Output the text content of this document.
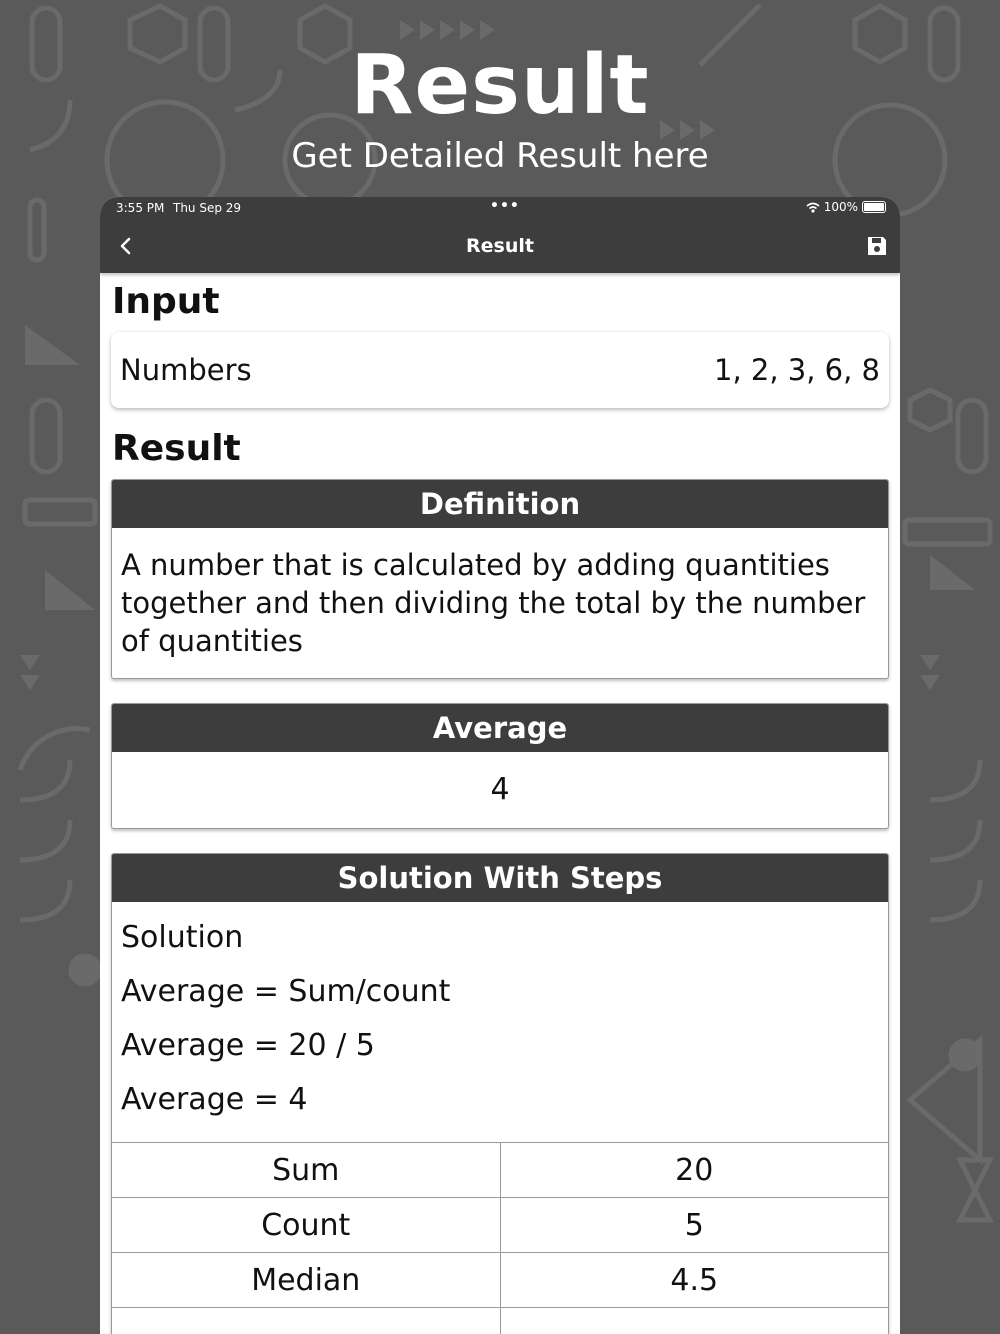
Result
Get Detailed Result here
3:55 PM Thu Sep 29	•••	100%
Result
Input
Numbers	1, 2, 3, 6, 8
Result
Definition
A number that is calculated by adding quantities together and then dividing the total by the number of quantities
Average
4
Solution With Steps
Solution
Average = Sum/count
Average = 20 / 5
Average = 4
Sum	20
Count	5
Median	4.5
